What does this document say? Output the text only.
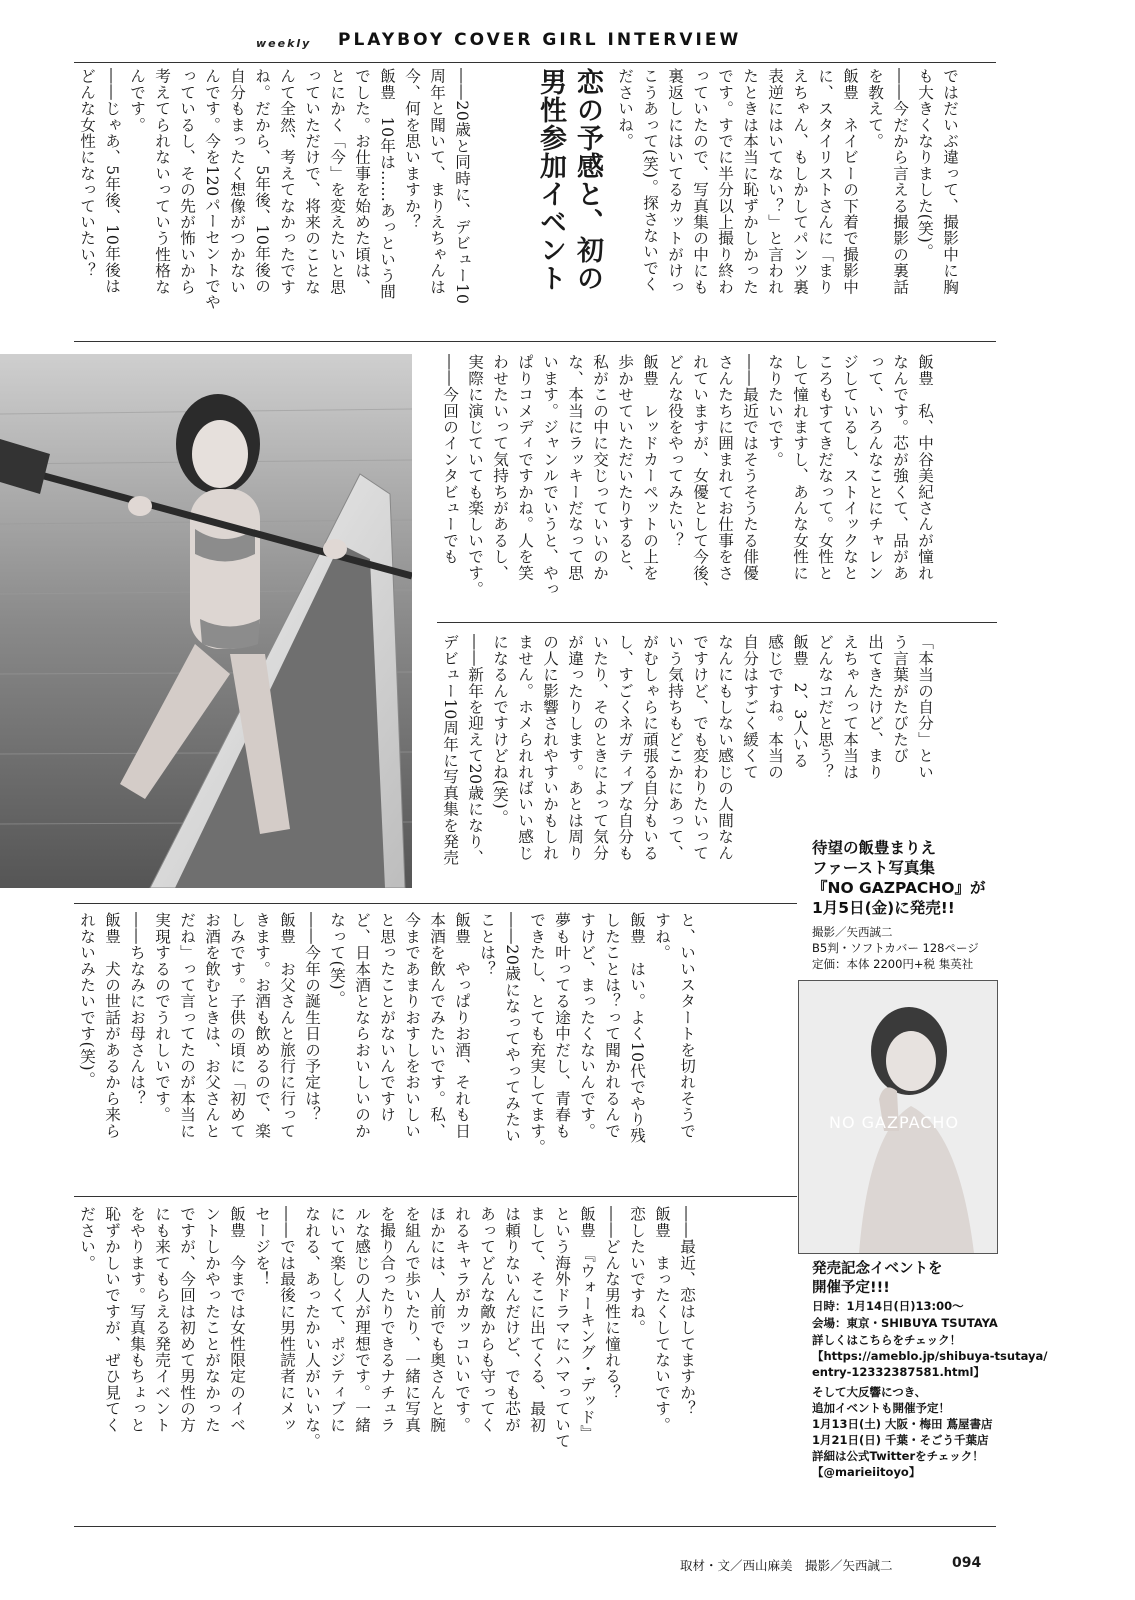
weekly PLAYBOY COVER GIRL INTERVIEW
ではだいぶ違って、撮影中に胸
も大きくなりました(笑)。
――今だから言える撮影の裏話
を教えて。
飯豊　ネイビーの下着で撮影中
に、スタイリストさんに「まり
えちゃん、もしかしてパンツ裏
表逆にはいてない？」と言われ
たときは本当に恥ずかしかった
です。すでに半分以上撮り終わ
っていたので、写真集の中にも
裏返しにはいてるカットがけっ
こうあって(笑)。探さないでく
ださいね。
恋の予感と、初の
男性参加イベント
――20歳と同時に、デビュー10
周年と聞いて、まりえちゃんは
今、何を思いますか？
飯豊　10年は……あっという間
でした。お仕事を始めた頃は、
とにかく「今」を変えたいと思
っていただけで、将来のことな
んて全然、考えてなかったです
ね。だから、5年後、10年後の
自分もまったく想像がつかない
んです。今を120パーセントでや
っているし、その先が怖いから
考えてられないっていう性格な
んです。
――じゃあ、5年後、10年後は
どんな女性になっていたい？
飯豊　私、中谷美紀さんが憧れ
なんです。芯が強くて、品があ
って、いろんなことにチャレン
ジしているし、ストイックなと
ころもすてきだなって。女性と
して憧れますし、あんな女性に
なりたいです。
――最近ではそうそうたる俳優
さんたちに囲まれてお仕事をさ
れていますが、女優として今後、
どんな役をやってみたい？
飯豊　レッドカーペットの上を
歩かせていただいたりすると、
私がこの中に交じっていいのか
な、本当にラッキーだなって思
います。ジャンルでいうと、やっ
ぱりコメディですかね。人を笑
わせたいって気持ちがあるし、
実際に演じていても楽しいです。
――今回のインタビューでも
「本当の自分」とい
う言葉がたびたび
出てきたけど、まり
えちゃんって本当は
どんなコだと思う？
飯豊　2、3人いる
感じですね。本当の
自分はすごく緩くて
なんにもしない感じの人間なん
ですけど、でも変わりたいって
いう気持ちもどこかにあって、
がむしゃらに頑張る自分もいる
し、すごくネガティブな自分も
いたり、そのときによって気分
が違ったりします。あとは周り
の人に影響されやすいかもしれ
ません。ホメられればいい感じ
になるんですけどね(笑)。
――新年を迎えて20歳になり、
デビュー10周年に写真集を発売	待望の飯豊まりえ
ファースト写真集
『NO GAZPACHO』が
1月5日(金)に発売!!
撮影／矢西誠二
B5判・ソフトカバー 128ページ
定価：本体 2200円+税 集英社
NO GAZPACHO
発売記念イベントを
開催予定!!!
日時：1月14日(日)13:00～
会場：東京・SHIBUYA TSUTAYA
詳しくはこちらをチェック！
【https://ameblo.jp/shibuya-tsutaya/
entry-12332387581.html】
そして大反響につき、
追加イベントも開催予定！
1月13日(土) 大阪・梅田 蔦屋書店
1月21日(日) 千葉・そごう千葉店
詳細は公式Twitterをチェック！
【@marieiitoyo】
と、いいスタートを切れそうで
すね。
飯豊　はい。よく10代でやり残
したことは？って聞かれるんで
すけど、まったくないんです。
夢も叶ってる途中だし、青春も
できたし、とても充実してます。
――20歳になってやってみたい
ことは？
飯豊　やっぱりお酒、それも日
本酒を飲んでみたいです。私、
今まであまりおすしをおいしい
と思ったことがないんですけ
ど、日本酒とならおいしいのか
なって(笑)。
――今年の誕生日の予定は？
飯豊　お父さんと旅行に行って
きます。お酒も飲めるので、楽
しみです。子供の頃に「初めて
お酒を飲むときは、お父さんと
だね」って言ってたのが本当に
実現するのでうれしいです。
――ちなみにお母さんは？
飯豊　犬の世話があるから来ら
れないみたいです(笑)。
――最近、恋はしてますか？
飯豊　まったくしてないです。
恋したいですね。
――どんな男性に憧れる？
飯豊　『ウォーキング・デッド』
という海外ドラマにハマっていて
まして、そこに出てくる、最初
は頼りないんだけど、でも芯が
あってどんな敵からも守ってく
れるキャラがカッコいいです。
ほかには、人前でも奥さんと腕
を組んで歩いたり、一緒に写真
を撮り合ったりできるナチュラ
ルな感じの人が理想です。一緒
にいて楽しくて、ポジティブに
なれる、あったかい人がいいな。
――では最後に男性読者にメッ
セージを！
飯豊　今までは女性限定のイベ
ントしかやったことがなかった
ですが、今回は初めて男性の方
にも来てもらえる発売イベント
をやります。写真集もちょっと
恥ずかしいですが、ぜひ見てく
ださい。
取材・文／西山麻美　撮影／矢西誠二	094
